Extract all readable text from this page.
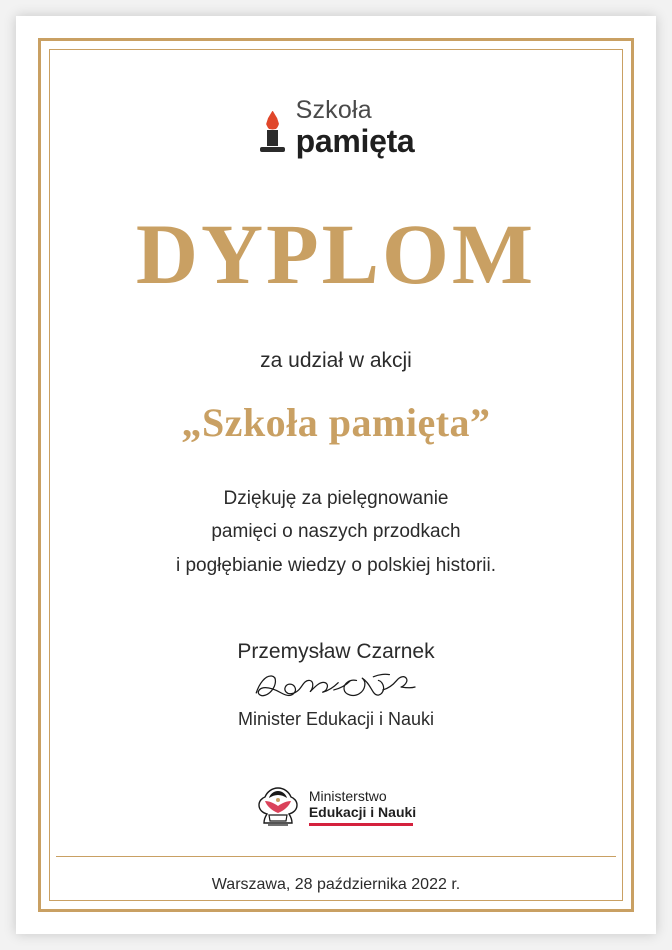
Szkoła
pamięta
DYPLOM
za udział w akcji
„Szkoła pamięta”
Dziękuję za pielęgnowanie
pamięci o naszych przodkach
i pogłębianie wiedzy o polskiej historii.
Przemysław Czarnek
Minister Edukacji i Nauki
Ministerstwo
Edukacji i Nauki
Warszawa, 28 października 2022 r.
